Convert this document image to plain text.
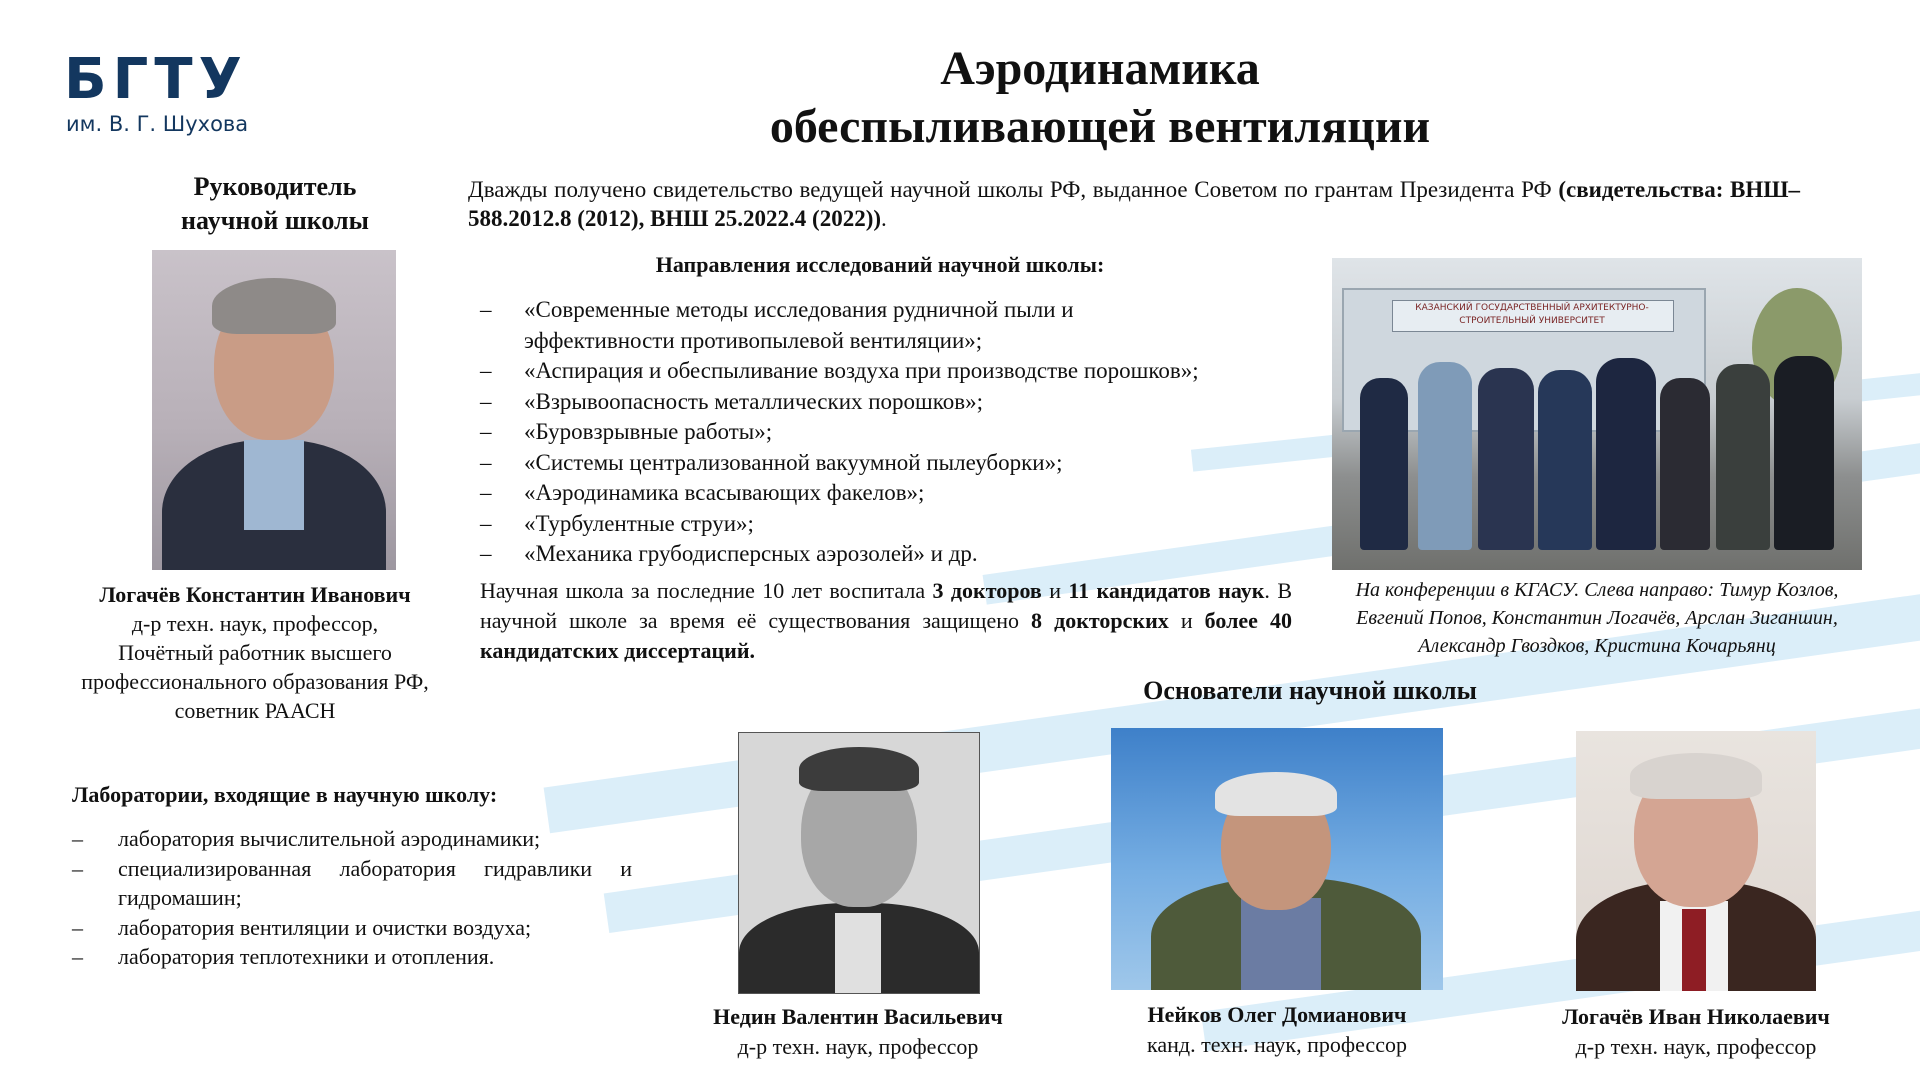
БГТУ
им. В. Г. Шухова
Аэродинамика
обеспыливающей вентиляции
Руководитель
научной школы
Логачёв Константин Иванович
д-р техн. наук, профессор,
Почётный работник высшего
профессионального образования РФ,
советник РААСН
Дважды получено свидетельство ведущей научной школы РФ, выданное Советом по грантам Президента РФ (свидетельства: ВНШ–588.2012.8 (2012), ВНШ 25.2022.4 (2022)).
Направления исследований научной школы:
– «Современные методы исследования рудничной пыли и эффективности противопылевой вентиляции»;
– «Аспирация и обеспыливание воздуха при производстве порошков»;
– «Взрывоопасность металлических порошков»;
– «Буровзрывные работы»;
– «Системы централизованной вакуумной пылеуборки»;
– «Аэродинамика всасывающих факелов»;
– «Турбулентные струи»;
– «Механика грубодисперсных аэрозолей» и др.
Научная школа за последние 10 лет воспитала 3 докторов и 11 кандидатов наук. В научной школе за время её существования защищено 8 докторских и более 40 кандидатских диссертаций.
КАЗАНСКИЙ ГОСУДАРСТВЕННЫЙ АРХИТЕКТУРНО-СТРОИТЕЛЬНЫЙ УНИВЕРСИТЕТ
На конференции в КГАСУ. Слева направо: Тимур Козлов, Евгений Попов, Константин Логачёв, Арслан Зиганшин, Александр Гвоздков, Кристина Кочарьянц
Основатели научной школы
Недин Валентин Васильевич
д-р техн. наук, профессор
Нейков Олег Домианович
канд. техн. наук, профессор
Логачёв Иван Николаевич
д-р техн. наук, профессор
Лаборатории, входящие в научную школу:
– лаборатория вычислительной аэродинамики;
– специализированная лаборатория гидравлики и гидромашин;
– лаборатория вентиляции и очистки воздуха;
– лаборатория теплотехники и отопления.
